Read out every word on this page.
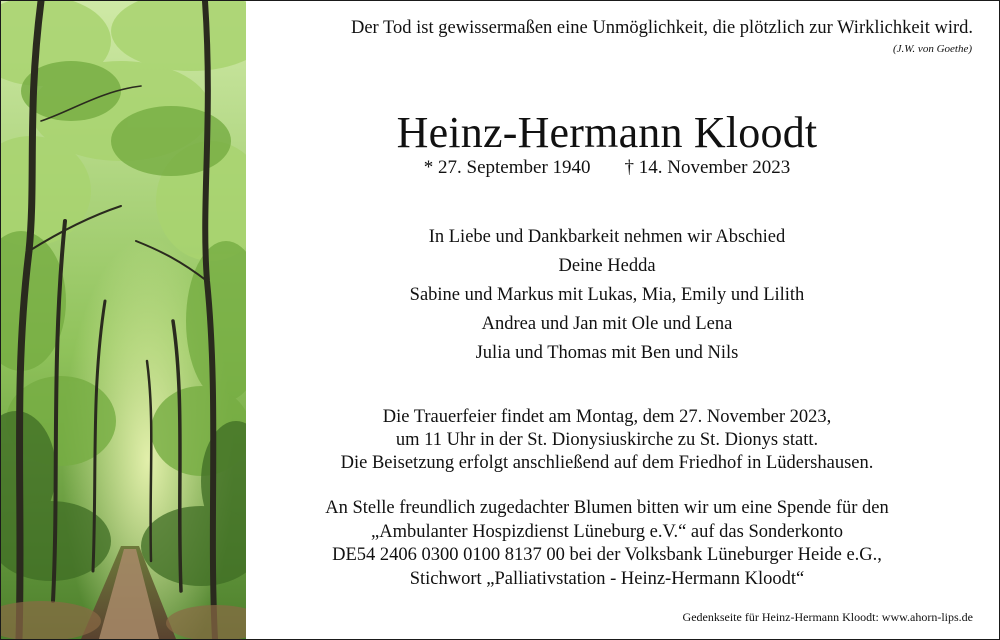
Der Tod ist gewissermaßen eine Unmöglichkeit, die plötzlich zur Wirklichkeit wird.
(J.W. von Goethe)
Heinz-Hermann Kloodt
* 27. September 1940 † 14. November 2023
In Liebe und Dankbarkeit nehmen wir Abschied
Deine Hedda
Sabine und Markus mit Lukas, Mia, Emily und Lilith
Andrea und Jan mit Ole und Lena
Julia und Thomas mit Ben und Nils
Die Trauerfeier findet am Montag, dem 27. November 2023,
um 11 Uhr in der St. Dionysiuskirche zu St. Dionys statt.
Die Beisetzung erfolgt anschließend auf dem Friedhof in Lüdershausen.
An Stelle freundlich zugedachter Blumen bitten wir um eine Spende für den
„Ambulanter Hospizdienst Lüneburg e.V.“ auf das Sonderkonto
DE54 2406 0300 0100 8137 00 bei der Volksbank Lüneburger Heide e.G.,
Stichwort „Palliativstation - Heinz-Hermann Kloodt“
Gedenkseite für Heinz-Hermann Kloodt: www.ahorn-lips.de
